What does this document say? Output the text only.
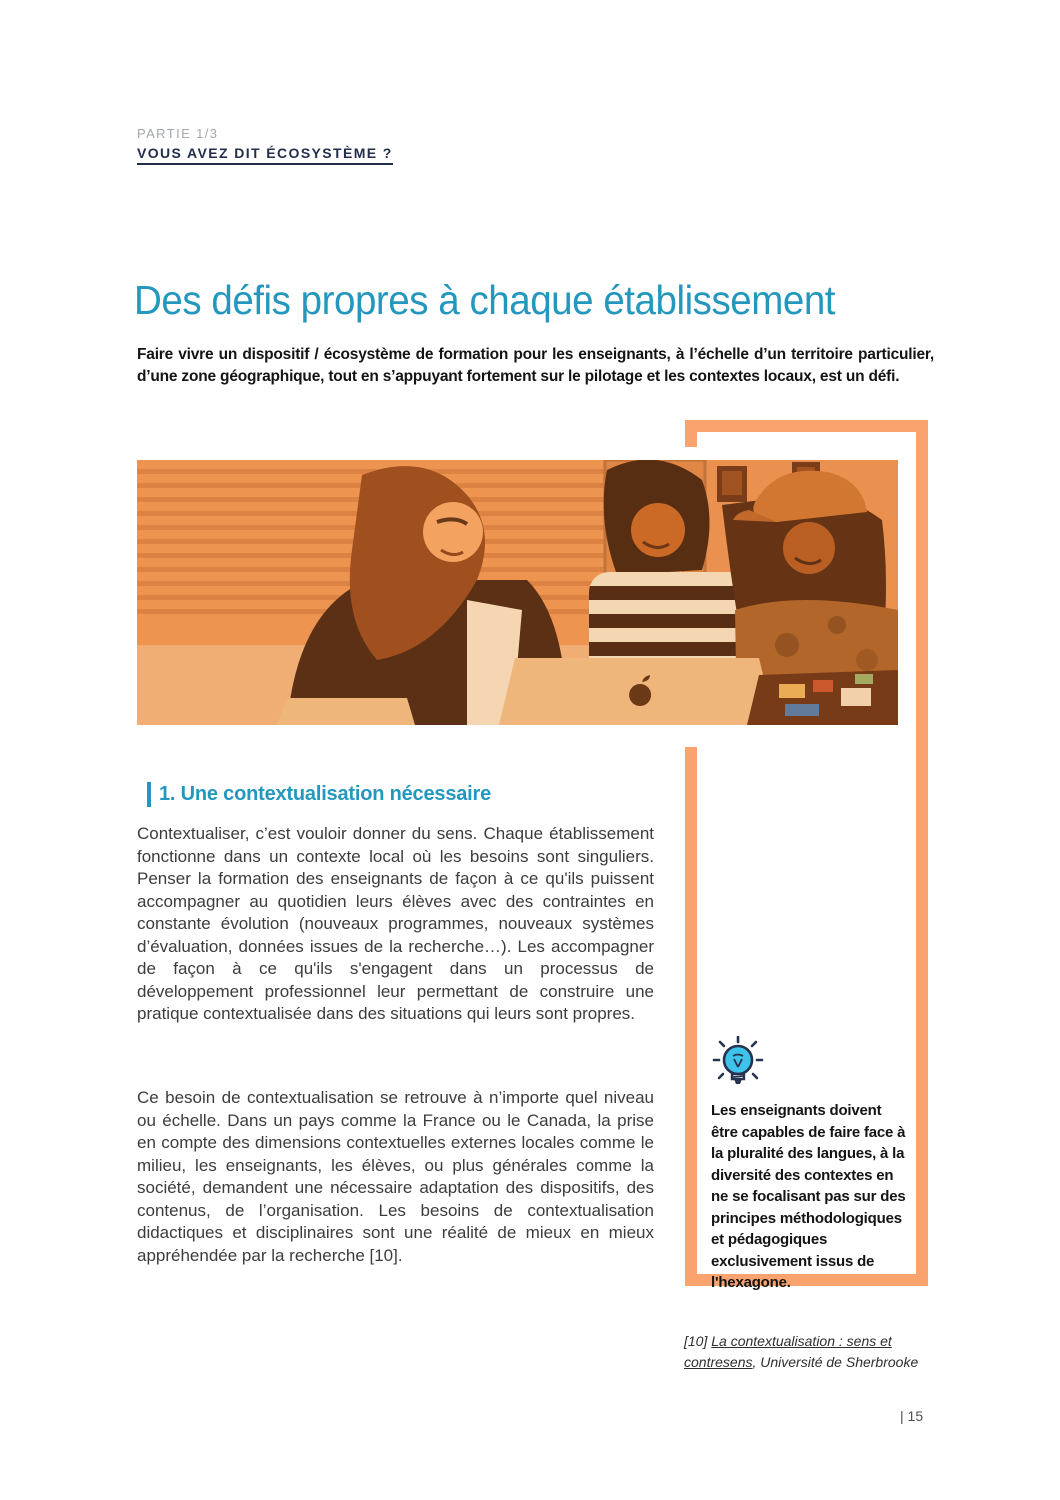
PARTIE 1/3
VOUS AVEZ DIT ÉCOSYSTÈME ?
Des défis propres à chaque établissement

Faire vivre un dispositif / écosystème de formation pour les enseignants, à l’échelle d’un territoire particulier, d’une zone géographique, tout en s’appuyant fortement sur le pilotage et les contextes locaux, est un défi.

1. Une contextualisation nécessaire

Contextualiser, c’est vouloir donner du sens. Chaque établissement fonctionne dans un contexte local où les besoins sont singuliers. Penser la formation des enseignants de façon à ce qu'ils puissent accompagner au quotidien leurs élèves avec des contraintes en constante évolution (nouveaux programmes, nouveaux systèmes d’évaluation, données issues de la recherche…). Les accompagner de façon à ce qu'ils s'engagent dans un processus de développement professionnel leur permettant de construire une pratique contextualisée dans des situations qui leurs sont propres.

Ce besoin de contextualisation se retrouve à n’importe quel niveau ou échelle. Dans un pays comme la France ou le Canada, la prise en compte des dimensions contextuelles externes locales comme le milieu, les enseignants, les élèves, ou plus générales comme la société, demandent une nécessaire adaptation des dispositifs, des contenus, de l’organisation. Les besoins de contextualisation didactiques et disciplinaires sont une réalité de mieux en mieux appréhendée par la recherche [10].

Les enseignants doivent être capables de faire face à la pluralité des langues, à la diversité des contextes en ne se focalisant pas sur des principes méthodologiques et pédagogiques exclusivement issus de l'hexagone.

[10] La contextualisation : sens et contresens, Université de Sherbrooke

| 15
